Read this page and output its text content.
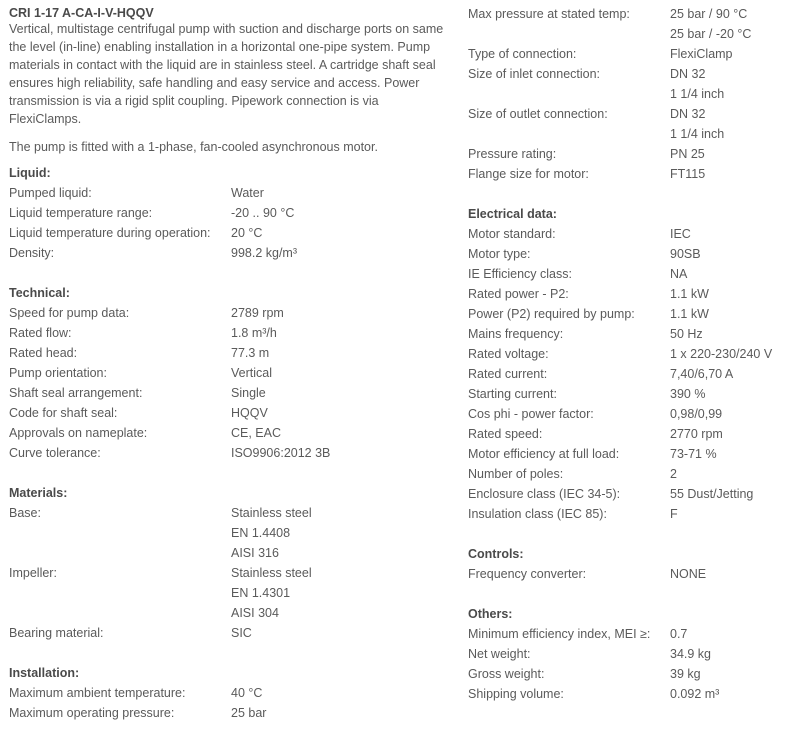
CRI 1-17 A-CA-I-V-HQQV
Vertical, multistage centrifugal pump with suction and discharge ports on same the level (in-line) enabling installation in a horizontal one-pipe system. Pump materials in contact with the liquid are in stainless steel. A cartridge shaft seal ensures high reliability, safe handling and easy service and access. Power transmission is via a rigid split coupling. Pipework connection is via FlexiClamps.
The pump is fitted with a 1-phase, fan-cooled asynchronous motor.
Liquid:
Pumped liquid:	Water
Liquid temperature range:	-20 .. 90 °C
Liquid temperature during operation:	20 °C
Density:	998.2 kg/m³
Technical:
Speed for pump data:	2789 rpm
Rated flow:	1.8 m³/h
Rated head:	77.3 m
Pump orientation:	Vertical
Shaft seal arrangement:	Single
Code for shaft seal:	HQQV
Approvals on nameplate:	CE, EAC
Curve tolerance:	ISO9906:2012 3B
Materials:
Base:	Stainless steel
EN 1.4408
AISI 316
Impeller:	Stainless steel
EN 1.4301
AISI 304
Bearing material:	SIC
Installation:
Maximum ambient temperature:	40 °C
Maximum operating pressure:	25 bar
Max pressure at stated temp:	25 bar / 90 °C
25 bar / -20 °C
Type of connection:	FlexiClamp
Size of inlet connection:	DN 32
1 1/4 inch
Size of outlet connection:	DN 32
1 1/4 inch
Pressure rating:	PN 25
Flange size for motor:	FT115
Electrical data:
Motor standard:	IEC
Motor type:	90SB
IE Efficiency class:	NA
Rated power - P2:	1.1 kW
Power (P2) required by pump:	1.1 kW
Mains frequency:	50 Hz
Rated voltage:	1 x 220-230/240 V
Rated current:	7,40/6,70 A
Starting current:	390 %
Cos phi - power factor:	0,98/0,99
Rated speed:	2770 rpm
Motor efficiency at full load:	73-71 %
Number of poles:	2
Enclosure class (IEC 34-5):	55 Dust/Jetting
Insulation class (IEC 85):	F
Controls:
Frequency converter:	NONE
Others:
Minimum efficiency index, MEI ≥:	0.7
Net weight:	34.9 kg
Gross weight:	39 kg
Shipping volume:	0.092 m³
